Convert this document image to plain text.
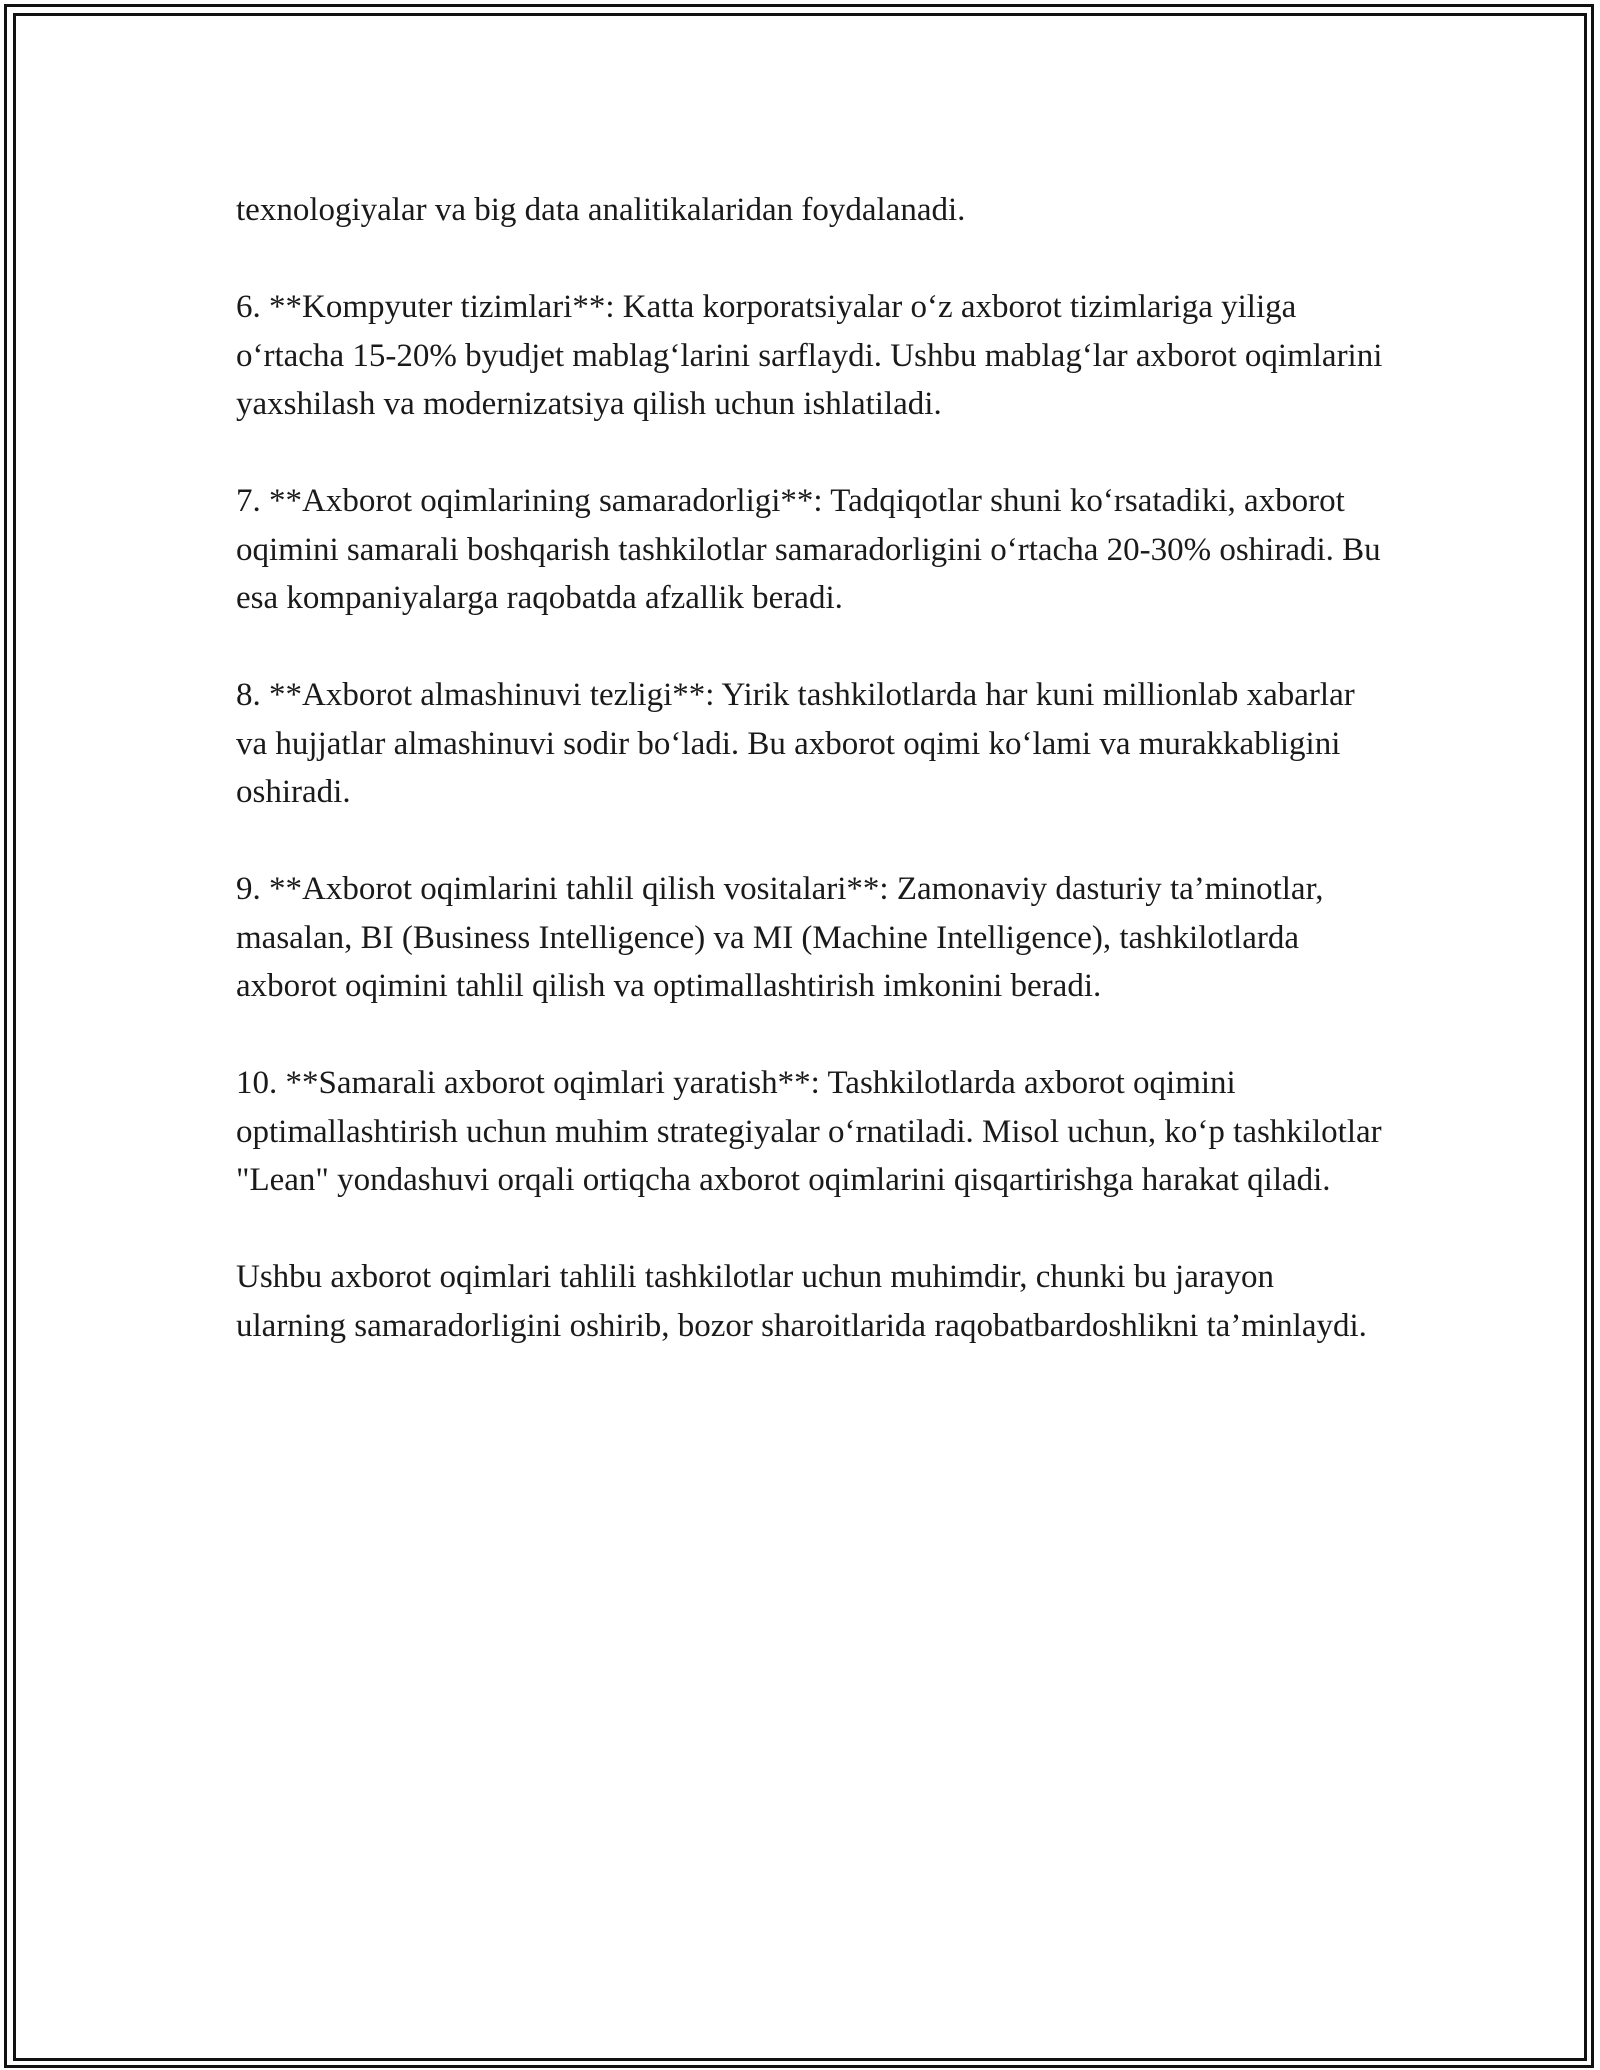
texnologiyalar va big data analitikalaridan foydalanadi.

6. **Kompyuter tizimlari**: Katta korporatsiyalar o‘z axborot tizimlariga yiliga o‘rtacha 15-20% byudjet mablag‘larini sarflaydi. Ushbu mablag‘lar axborot oqimlarini yaxshilash va modernizatsiya qilish uchun ishlatiladi.

7. **Axborot oqimlarining samaradorligi**: Tadqiqotlar shuni ko‘rsatadiki, axborot oqimini samarali boshqarish tashkilotlar samaradorligini o‘rtacha 20-30% oshiradi. Bu esa kompaniyalarga raqobatda afzallik beradi.

8. **Axborot almashinuvi tezligi**: Yirik tashkilotlarda har kuni millionlab xabarlar va hujjatlar almashinuvi sodir bo‘ladi. Bu axborot oqimi ko‘lami va murakkabligini oshiradi.

9. **Axborot oqimlarini tahlil qilish vositalari**: Zamonaviy dasturiy ta’minotlar, masalan, BI (Business Intelligence) va MI (Machine Intelligence), tashkilotlarda axborot oqimini tahlil qilish va optimallashtirish imkonini beradi.

10. **Samarali axborot oqimlari yaratish**: Tashkilotlarda axborot oqimini optimallashtirish uchun muhim strategiyalar o‘rnatiladi. Misol uchun, ko‘p tashkilotlar "Lean" yondashuvi orqali ortiqcha axborot oqimlarini qisqartirishga harakat qiladi.

Ushbu axborot oqimlari tahlili tashkilotlar uchun muhimdir, chunki bu jarayon ularning samaradorligini oshirib, bozor sharoitlarida raqobatbardoshlikni ta’minlaydi.
